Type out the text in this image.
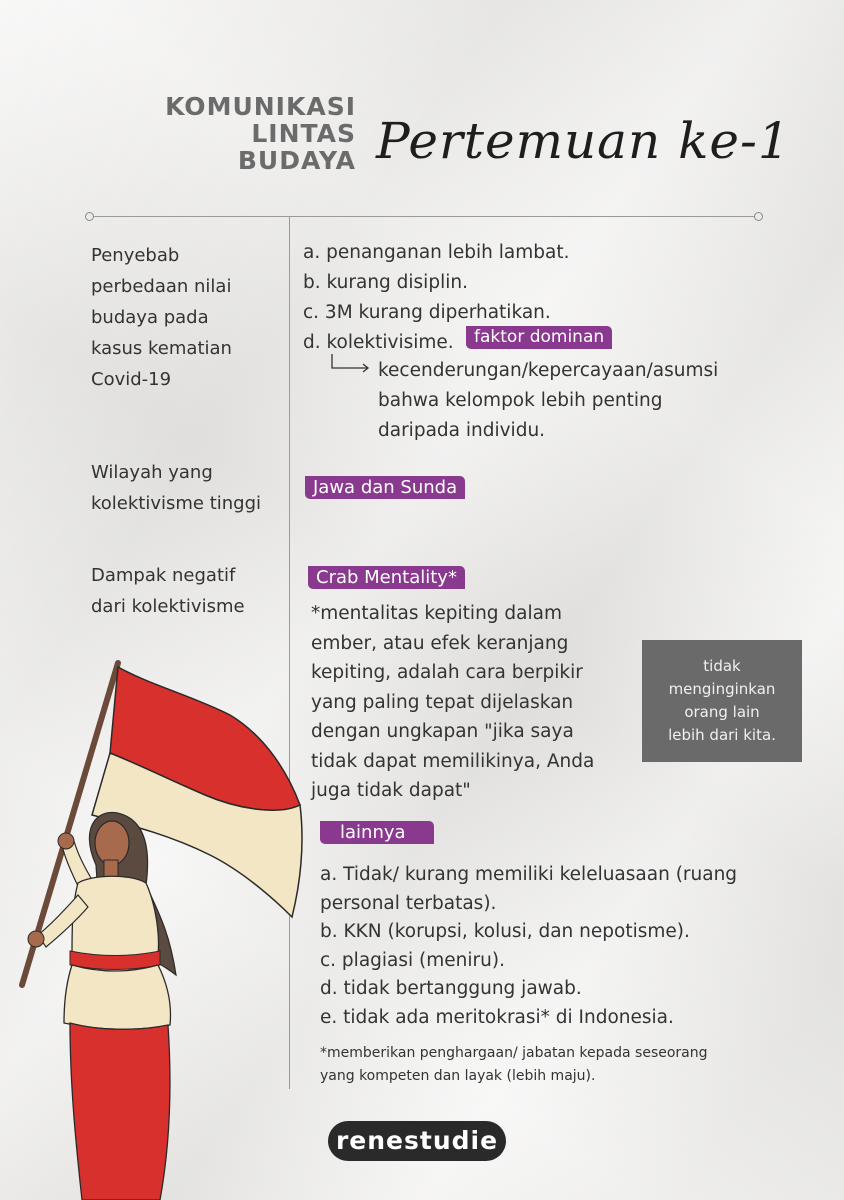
KOMUNIKASI
LINTAS
BUDAYA Pertemuan ke-1
Penyebab
perbedaan nilai
budaya pada
kasus kematian
Covid-19
a. penanganan lebih lambat.
b. kurang disiplin.
c. 3M kurang diperhatikan.
d. kolektivisime.	faktor dominan
kecenderungan/kepercayaan/asumsi
bahwa kelompok lebih penting
daripada individu.
Wilayah yang
kolektivisme tinggi
Jawa dan Sunda
Dampak negatif
dari kolektivisme
Crab Mentality*
*mentalitas kepiting dalam
ember, atau efek keranjang
kepiting, adalah cara berpikir
yang paling tepat dijelaskan
dengan ungkapan "jika saya
tidak dapat memilikinya, Anda
juga tidak dapat"
tidak
menginginkan
orang lain
lebih dari kita.
lainnya
a. Tidak/ kurang memiliki keleluasaan (ruang
personal terbatas).
b. KKN (korupsi, kolusi, dan nepotisme).
c. plagiasi (meniru).
d. tidak bertanggung jawab.
e. tidak ada meritokrasi* di Indonesia.
*memberikan penghargaan/ jabatan kepada seseorang
yang kompeten dan layak (lebih maju).
renestudie
